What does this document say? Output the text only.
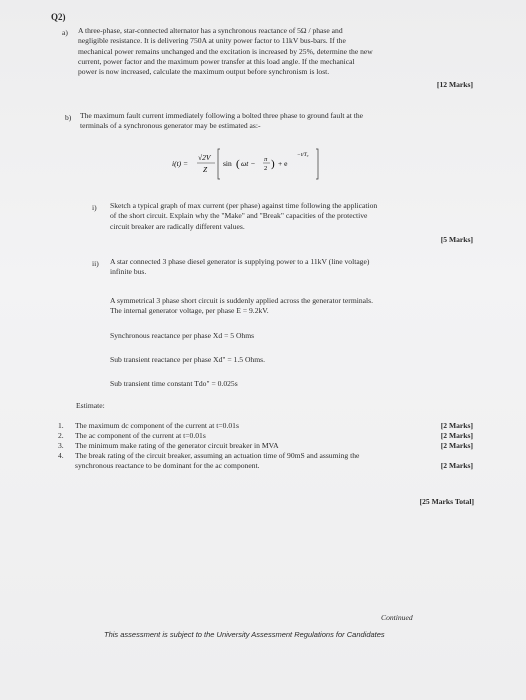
Q2)
a) A three-phase, star-connected alternator has a synchronous reactance of 5Ω / phase and
negligible resistance. It is delivering 750A at unity power factor to 11kV bus-bars. If the
mechanical power remains unchanged and the excitation is increased by 25%, determine the new
current, power factor and the maximum power transfer at this load angle. If the mechanical
power is now increased, calculate the maximum output before synchronism is lost.
[12 Marks]
b) The maximum fault current immediately following a bolted three phase to ground fault at the
terminals of a synchronous generator may be estimated as:-
i(t) =
√2V
Z
sin ( ωt − π
2 ) + e
−t/Tₐ
i) Sketch a typical graph of max current (per phase) against time following the application
of the short circuit. Explain why the "Make" and "Break" capacities of the protective
circuit breaker are radically different values.
[5 Marks]
ii) A star connected 3 phase diesel generator is supplying power to a 11kV (line voltage)
infinite bus.
A symmetrical 3 phase short circuit is suddenly applied across the generator terminals.
The internal generator voltage, per phase E = 9.2kV.
Synchronous reactance per phase Xd = 5 Ohms
Sub transient reactance per phase Xd" = 1.5 Ohms.
Sub transient time constant Tdo" = 0.025s
Estimate:
1. The maximum dc component of the current at t=0.01s	[2 Marks]
2. The ac component of the current at t=0.01s	[2 Marks]
3. The minimum make rating of the generator circuit breaker in MVA	[2 Marks]
4. The break rating of the circuit breaker, assuming an actuation time of 90mS and assuming the
synchronous reactance to be dominant for the ac component.	[2 Marks]
[25 Marks Total]
Continued
This assessment is subject to the University Assessment Regulations for Candidates
